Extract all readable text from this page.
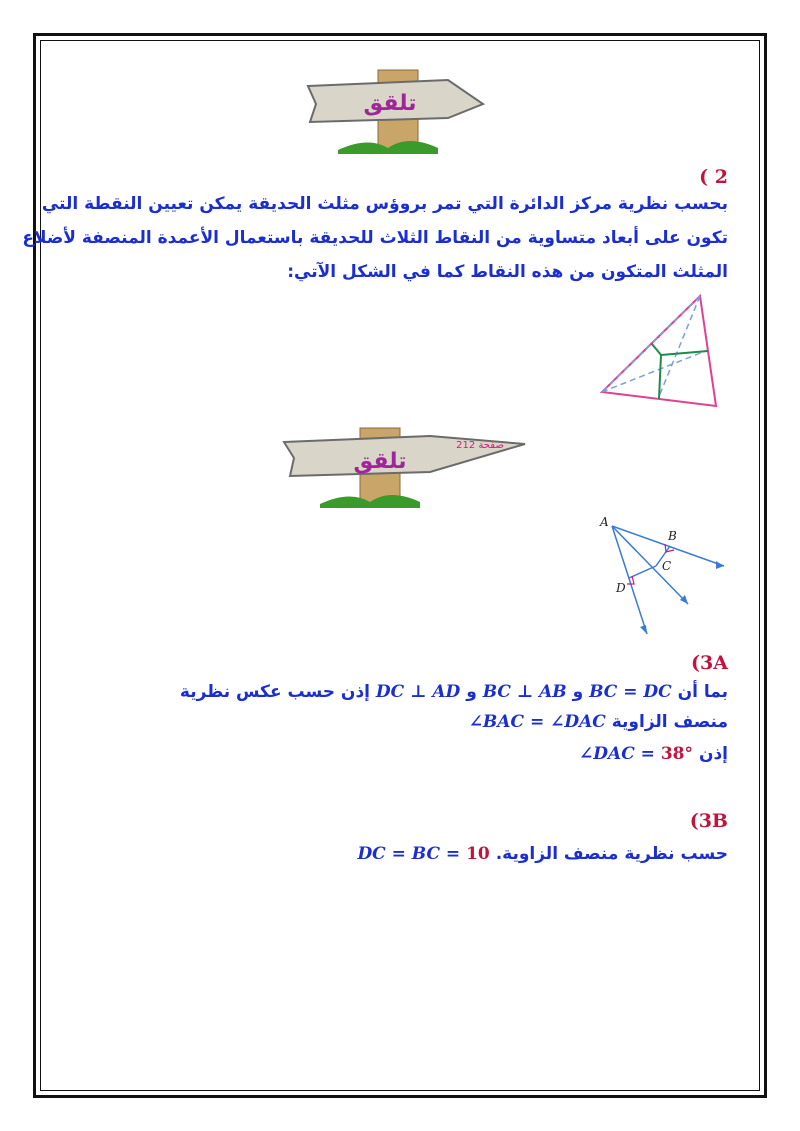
تلقق
( 2
بحسب نظرية مركز الدائرة التي تمر بروؤس مثلث الحديقة يمكن تعيين النقطة التي
تكون على أبعاد متساوية من النقاط الثلاث للحديقة باستعمال الأعمدة المنصفة لأضلاع
المثلث المتكون من هذه النقاط كما في الشكل الآتي:
تلقق
صفحة 212
A
B
C
D
(3A
بما أن BC = DC و BC ⊥ AB و DC ⊥ AD إذن حسب عكس نظرية
منصف الزاوية ∠BAC = ∠DAC
إذن ∠DAC = 38°
(3B
حسب نظرية منصف الزاوية. DC = BC = 10
